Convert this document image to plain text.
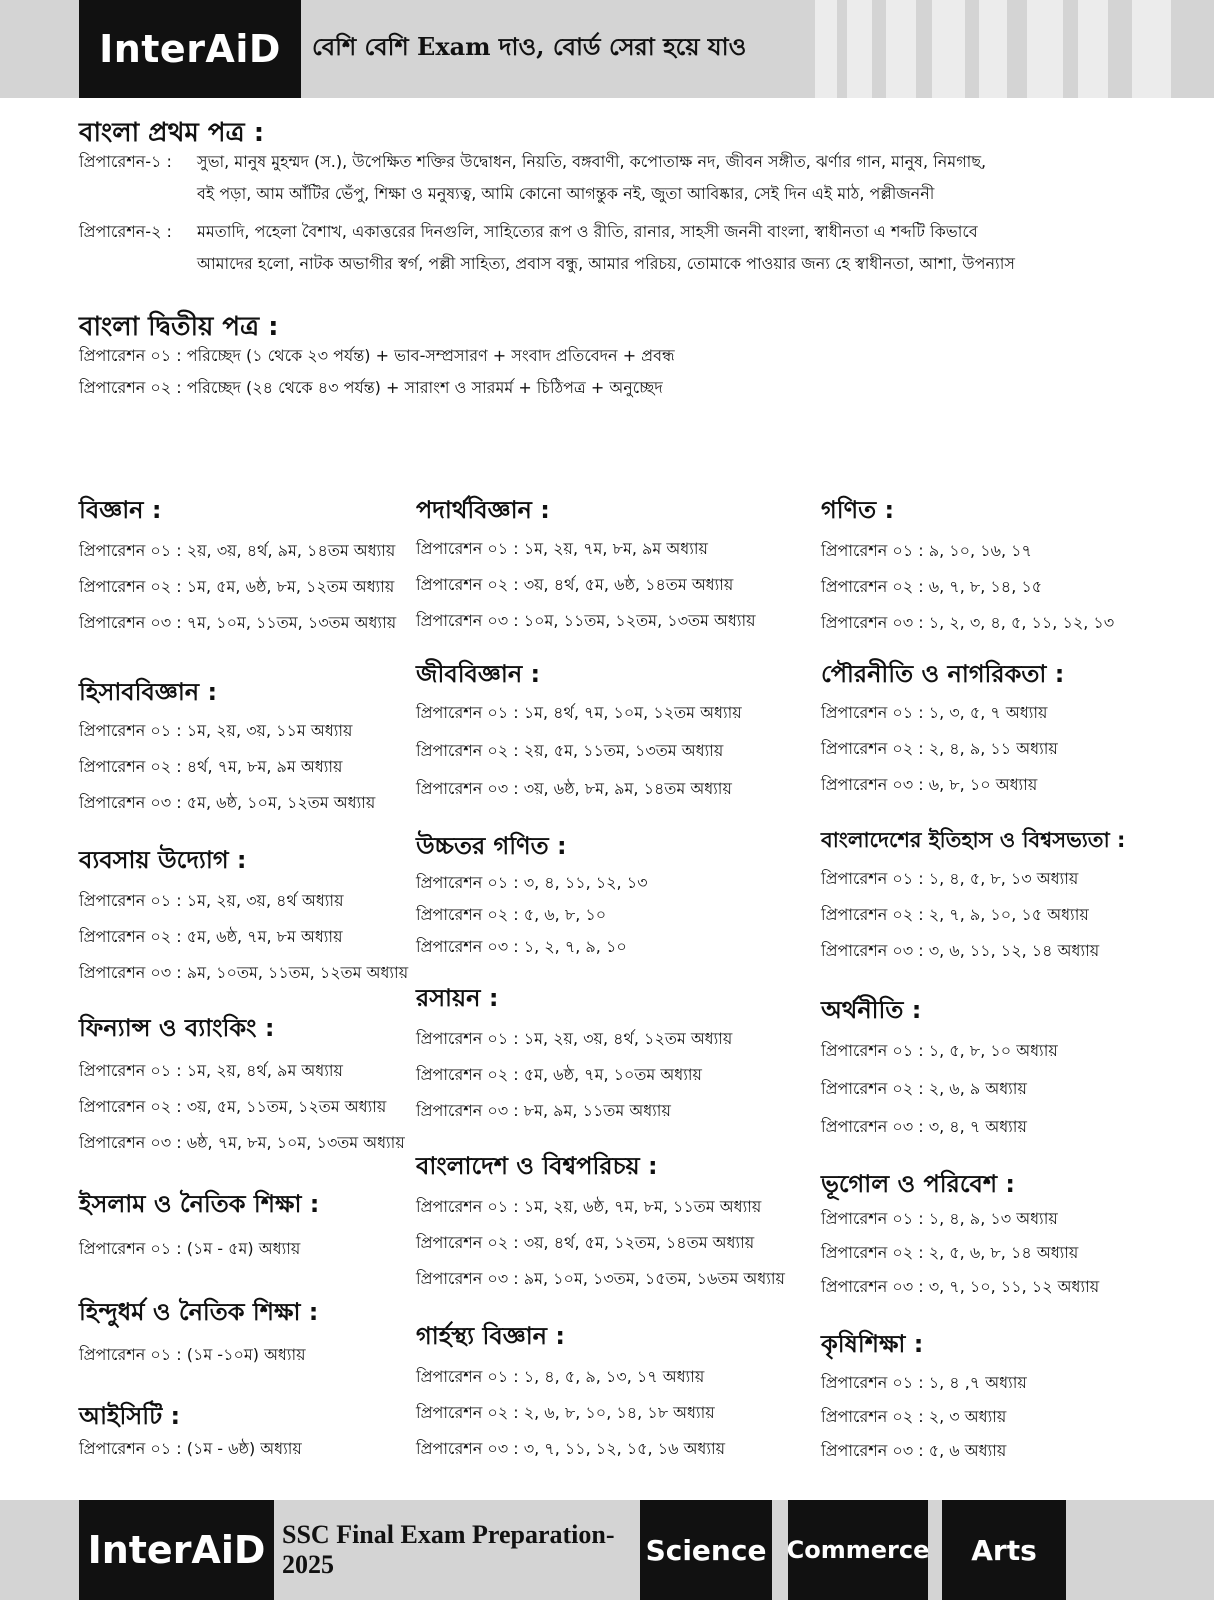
InterAiD	বেশি বেশি Exam দাও, বোর্ড সেরা হয়ে যাও
বাংলা প্রথম পত্র :
প্রিপারেশন-১ :	সুভা, মানুষ মুহম্মদ (স.), উপেক্ষিত শক্তির উদ্বোধন, নিয়তি, বঙ্গবাণী, কপোতাক্ষ নদ, জীবন সঙ্গীত, ঝর্ণার গান, মানুষ, নিমগাছ,
বই পড়া, আম আঁটির ভেঁপু, শিক্ষা ও মনুষ্যত্ব, আমি কোনো আগন্তুক নই, জুতা আবিষ্কার, সেই দিন এই মাঠ, পল্লীজননী
প্রিপারেশন-২ :	মমতাদি, পহেলা বৈশাখ, একাত্তরের দিনগুলি, সাহিত্যের রূপ ও রীতি, রানার, সাহসী জননী বাংলা, স্বাধীনতা এ শব্দটি কিভাবে
আমাদের হলো, নাটক অভাগীর স্বর্গ, পল্লী সাহিত্য, প্রবাস বন্ধু, আমার পরিচয়, তোমাকে পাওয়ার জন্য হে স্বাধীনতা, আশা, উপন্যাস
বাংলা দ্বিতীয় পত্র :
প্রিপারেশন ০১ : পরিচ্ছেদ (১ থেকে ২৩ পর্যন্ত) + ভাব-সম্প্রসারণ + সংবাদ প্রতিবেদন + প্রবন্ধ
প্রিপারেশন ০২ : পরিচ্ছেদ (২৪ থেকে ৪৩ পর্যন্ত) + সারাংশ ও সারমর্ম + চিঠিপত্র + অনুচ্ছেদ
বিজ্ঞান :
প্রিপারেশন ০১ : ২য়, ৩য়, ৪র্থ, ৯ম, ১৪তম অধ্যায়
প্রিপারেশন ০২ : ১ম, ৫ম, ৬ষ্ঠ, ৮ম, ১২তম অধ্যায়
প্রিপারেশন ০৩ : ৭ম, ১০ম, ১১তম, ১৩তম অধ্যায়
হিসাববিজ্ঞান :
প্রিপারেশন ০১ : ১ম, ২য়, ৩য়, ১১ম অধ্যায়
প্রিপারেশন ০২ : ৪র্থ, ৭ম, ৮ম, ৯ম অধ্যায়
প্রিপারেশন ০৩ : ৫ম, ৬ষ্ঠ, ১০ম, ১২তম অধ্যায়
ব্যবসায় উদ্যোগ :
প্রিপারেশন ০১ : ১ম, ২য়, ৩য়, ৪র্থ অধ্যায়
প্রিপারেশন ০২ : ৫ম, ৬ষ্ঠ, ৭ম, ৮ম অধ্যায়
প্রিপারেশন ০৩ : ৯ম, ১০তম, ১১তম, ১২তম অধ্যায়
ফিন্যান্স ও ব্যাংকিং :
প্রিপারেশন ০১ : ১ম, ২য়, ৪র্থ, ৯ম অধ্যায়
প্রিপারেশন ০২ : ৩য়, ৫ম, ১১তম, ১২তম অধ্যায়
প্রিপারেশন ০৩ : ৬ষ্ঠ, ৭ম, ৮ম, ১০ম, ১৩তম অধ্যায়
ইসলাম ও নৈতিক শিক্ষা :
প্রিপারেশন ০১ : (১ম - ৫ম) অধ্যায়
হিন্দুধর্ম ও নৈতিক শিক্ষা :
প্রিপারেশন ০১ : (১ম -১০ম) অধ্যায়
আইসিটি :
প্রিপারেশন ০১ : (১ম - ৬ষ্ঠ) অধ্যায়
পদার্থবিজ্ঞান :
প্রিপারেশন ০১ : ১ম, ২য়, ৭ম, ৮ম, ৯ম অধ্যায়
প্রিপারেশন ০২ : ৩য়, ৪র্থ, ৫ম, ৬ষ্ঠ, ১৪তম অধ্যায়
প্রিপারেশন ০৩ : ১০ম, ১১তম, ১২তম, ১৩তম অধ্যায়
জীববিজ্ঞান :
প্রিপারেশন ০১ : ১ম, ৪র্থ, ৭ম, ১০ম, ১২তম অধ্যায়
প্রিপারেশন ০২ : ২য়, ৫ম, ১১তম, ১৩তম অধ্যায়
প্রিপারেশন ০৩ : ৩য়, ৬ষ্ঠ, ৮ম, ৯ম, ১৪তম অধ্যায়
উচ্চতর গণিত :
প্রিপারেশন ০১ : ৩, ৪, ১১, ১২, ১৩
প্রিপারেশন ০২ : ৫, ৬, ৮, ১০
প্রিপারেশন ০৩ : ১, ২, ৭, ৯, ১০
রসায়ন :
প্রিপারেশন ০১ : ১ম, ২য়, ৩য়, ৪র্থ, ১২তম অধ্যায়
প্রিপারেশন ০২ : ৫ম, ৬ষ্ঠ, ৭ম, ১০তম অধ্যায়
প্রিপারেশন ০৩ : ৮ম, ৯ম, ১১তম অধ্যায়
বাংলাদেশ ও বিশ্বপরিচয় :
প্রিপারেশন ০১ : ১ম, ২য়, ৬ষ্ঠ, ৭ম, ৮ম, ১১তম অধ্যায়
প্রিপারেশন ০২ : ৩য়, ৪র্থ, ৫ম, ১২তম, ১৪তম অধ্যায়
প্রিপারেশন ০৩ : ৯ম, ১০ম, ১৩তম, ১৫তম, ১৬তম অধ্যায়
গার্হস্থ্য বিজ্ঞান :
প্রিপারেশন ০১ : ১, ৪, ৫, ৯, ১৩, ১৭ অধ্যায়
প্রিপারেশন ০২ : ২, ৬, ৮, ১০, ১৪, ১৮ অধ্যায়
প্রিপারেশন ০৩ : ৩, ৭, ১১, ১২, ১৫, ১৬ অধ্যায়
গণিত :
প্রিপারেশন ০১ : ৯, ১০, ১৬, ১৭
প্রিপারেশন ০২ : ৬, ৭, ৮, ১৪, ১৫
প্রিপারেশন ০৩ : ১, ২, ৩, ৪, ৫, ১১, ১২, ১৩
পৌরনীতি ও নাগরিকতা :
প্রিপারেশন ০১ : ১, ৩, ৫, ৭ অধ্যায়
প্রিপারেশন ০২ : ২, ৪, ৯, ১১ অধ্যায়
প্রিপারেশন ০৩ : ৬, ৮, ১০ অধ্যায়
বাংলাদেশের ইতিহাস ও বিশ্বসভ্যতা :
প্রিপারেশন ০১ : ১, ৪, ৫, ৮, ১৩ অধ্যায়
প্রিপারেশন ০২ : ২, ৭, ৯, ১০, ১৫ অধ্যায়
প্রিপারেশন ০৩ : ৩, ৬, ১১, ১২, ১৪ অধ্যায়
অর্থনীতি :
প্রিপারেশন ০১ : ১, ৫, ৮, ১০ অধ্যায়
প্রিপারেশন ০২ : ২, ৬, ৯ অধ্যায়
প্রিপারেশন ০৩ : ৩, ৪, ৭ অধ্যায়
ভূগোল ও পরিবেশ :
প্রিপারেশন ০১ : ১, ৪, ৯, ১৩ অধ্যায়
প্রিপারেশন ০২ : ২, ৫, ৬, ৮, ১৪ অধ্যায়
প্রিপারেশন ০৩ : ৩, ৭, ১০, ১১, ১২ অধ্যায়
কৃষিশিক্ষা :
প্রিপারেশন ০১ : ১, ৪ ,৭ অধ্যায়
প্রিপারেশন ০২ : ২, ৩ অধ্যায়
প্রিপারেশন ০৩ : ৫, ৬ অধ্যায়
InterAiD SSC Final Exam Preparation-2025	Science Commerce	Arts
